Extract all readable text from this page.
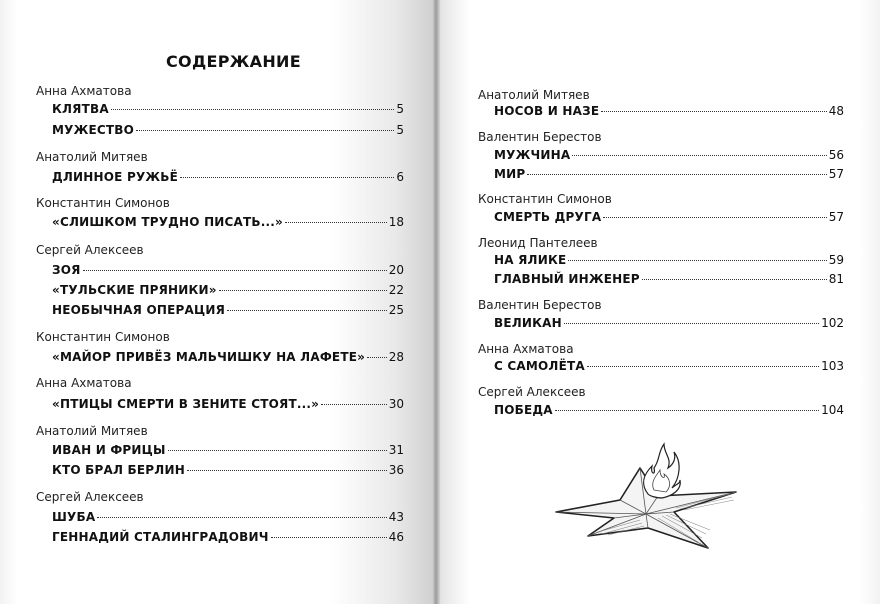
СОДЕРЖАНИЕ
Анна Ахматова
КЛЯТВА	5
МУЖЕСТВО	5
Анатолий Митяев
ДЛИННОЕ РУЖЬЁ	6
Константин Симонов
«СЛИШКОМ ТРУДНО ПИСАТЬ...»	18
Сергей Алексеев
ЗОЯ	20
«ТУЛЬСКИЕ ПРЯНИКИ»	22
НЕОБЫЧНАЯ ОПЕРАЦИЯ	25
Константин Симонов
«МАЙОР ПРИВЁЗ МАЛЬЧИШКУ НА ЛАФЕТЕ» 28
Анна Ахматова
«ПТИЦЫ СМЕРТИ В ЗЕНИТЕ СТОЯТ...»	30
Анатолий Митяев
ИВАН И ФРИЦЫ	31
КТО БРАЛ БЕРЛИН	36
Сергей Алексеев
ШУБА	43
ГЕННАДИЙ СТАЛИНГРАДОВИЧ	46
Анатолий Митяев
НОСОВ И НАЗЕ	48
Валентин Берестов
МУЖЧИНА	56
МИР	57
Константин Симонов
СМЕРТЬ ДРУГА	57
Леонид Пантелеев
НА ЯЛИКЕ	59
ГЛАВНЫЙ ИНЖЕНЕР	81
Валентин Берестов
ВЕЛИКАН	102
Анна Ахматова
С САМОЛЁТА	103
Сергей Алексеев
ПОБЕДА	104
